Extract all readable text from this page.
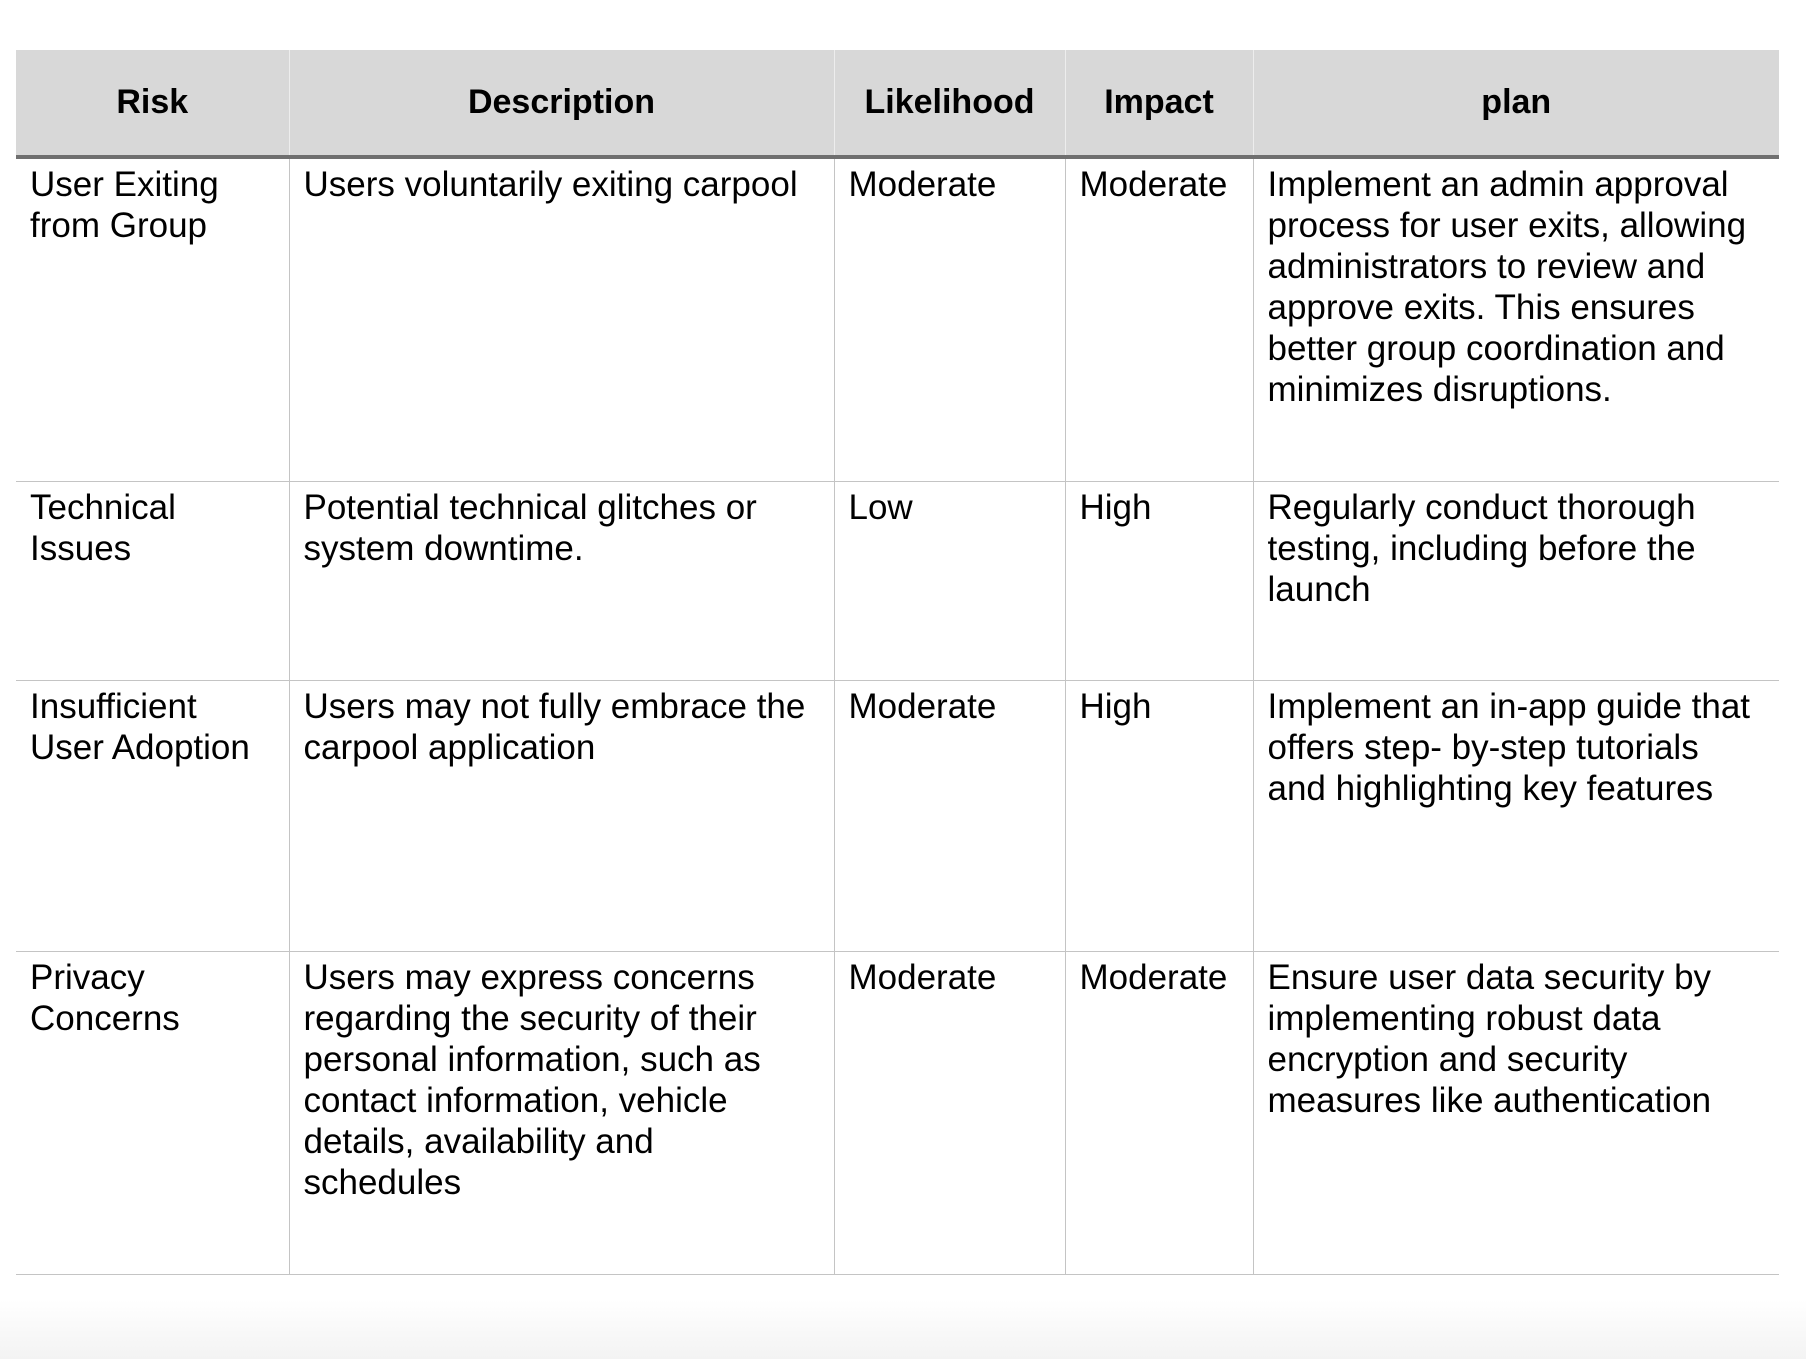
Risk	Description	Likelihood	Impact	plan
User Exiting from Group	Users voluntarily exiting carpool	Moderate	Moderate	Implement an admin approval process for user exits, allowing administrators to review and approve exits. This ensures better group coordination and minimizes disruptions.
Technical Issues	Potential technical glitches or system downtime.	Low	High	Regularly conduct thorough testing, including before the launch
Insufficient User Adoption	Users may not fully embrace the carpool application	Moderate	High	Implement an in-app guide that offers step- by-step tutorials and highlighting key features
Privacy Concerns	Users may express concerns regarding the security of their personal information, such as contact information, vehicle details, availability and schedules	Moderate	Moderate	Ensure user data security by implementing robust data encryption and security measures like authentication
